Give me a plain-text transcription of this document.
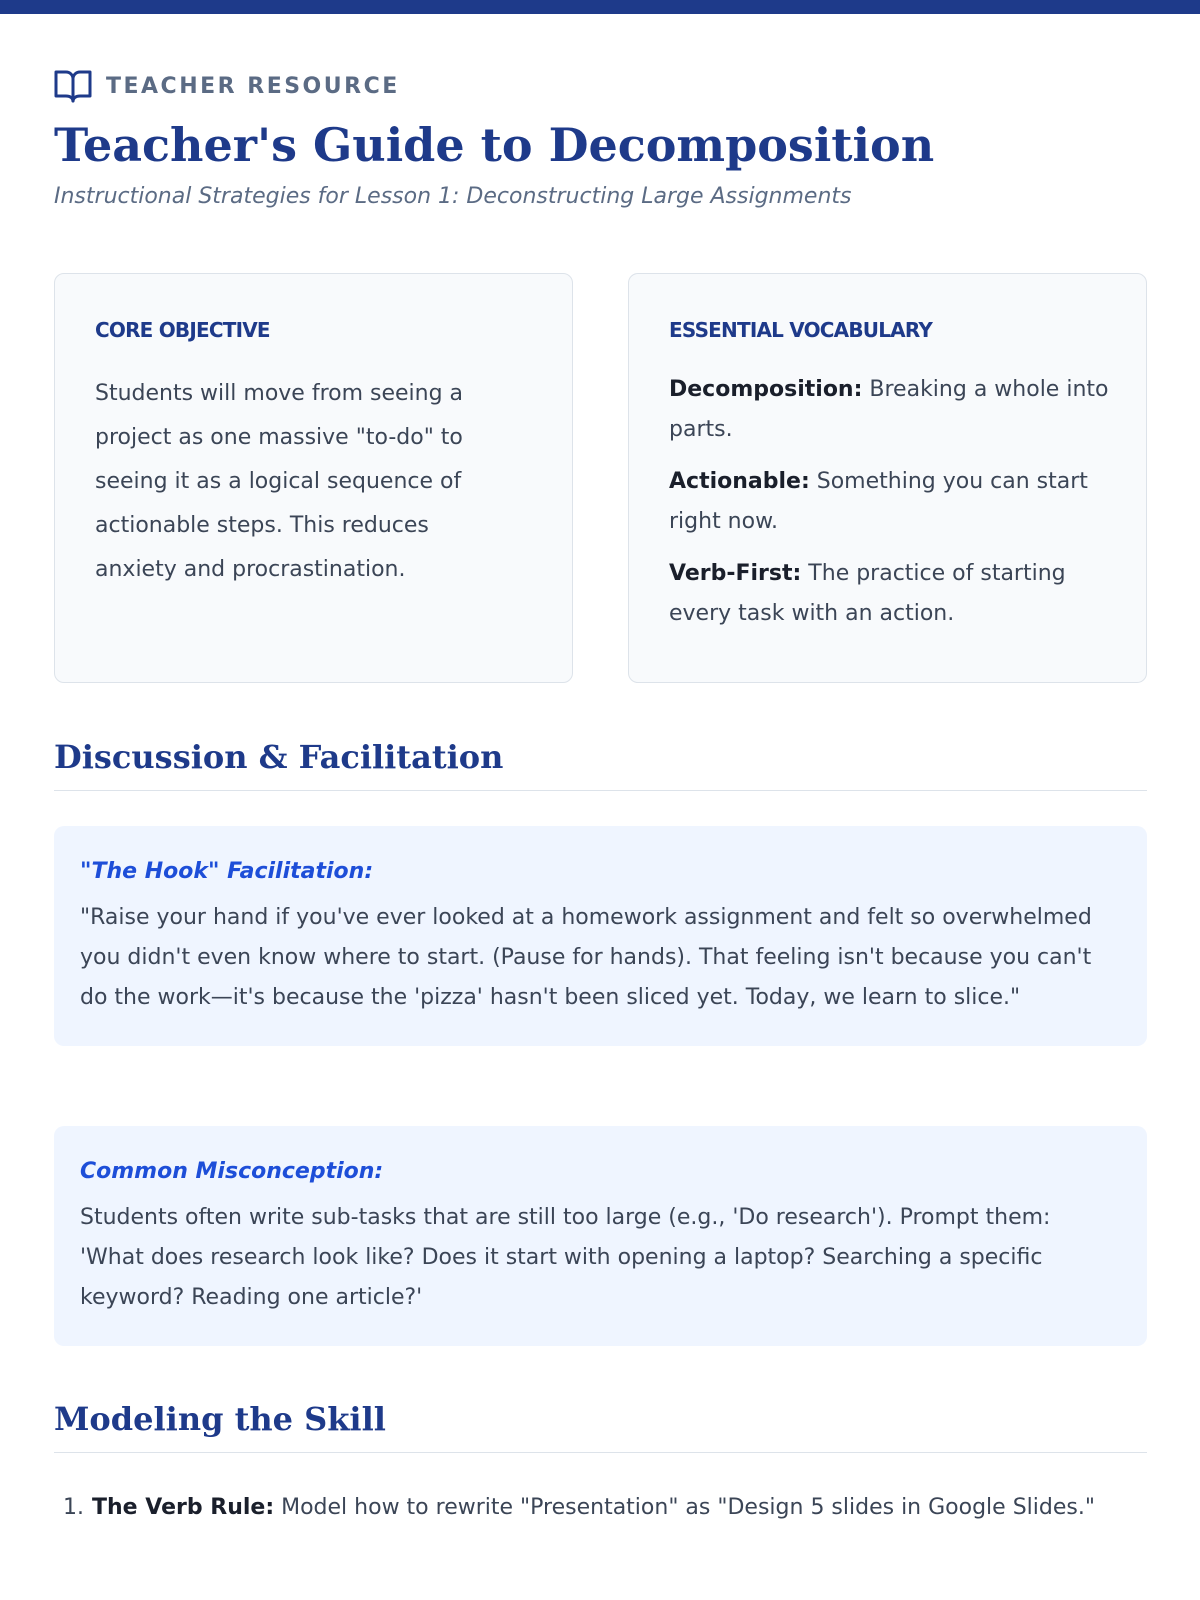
TEACHER RESOURCE
Teacher's Guide to Decomposition
Instructional Strategies for Lesson 1: Deconstructing Large Assignments
CORE OBJECTIVE

Students will move from seeing a project as one massive "to-do" to seeing it as a logical sequence of actionable steps. This reduces anxiety and procrastination.

ESSENTIAL VOCABULARY
Decomposition: Breaking a whole into parts.
Actionable: Something you can start right now.
Verb-First: The practice of starting every task with an action.
Discussion & Facilitation
"The Hook" Facilitation:

"Raise your hand if you've ever looked at a homework assignment and felt so overwhelmed you didn't even know where to start. (Pause for hands). That feeling isn't because you can't do the work—it's because the 'pizza' hasn't been sliced yet. Today, we learn to slice."

Common Misconception:

Students often write sub-tasks that are still too large (e.g., 'Do research'). Prompt them: 'What does research look like? Does it start with opening a laptop? Searching a specific keyword? Reading one article?'

Modeling the Skill
1. The Verb Rule: Model how to rewrite "Presentation" as "Design 5 slides in Google Slides."
